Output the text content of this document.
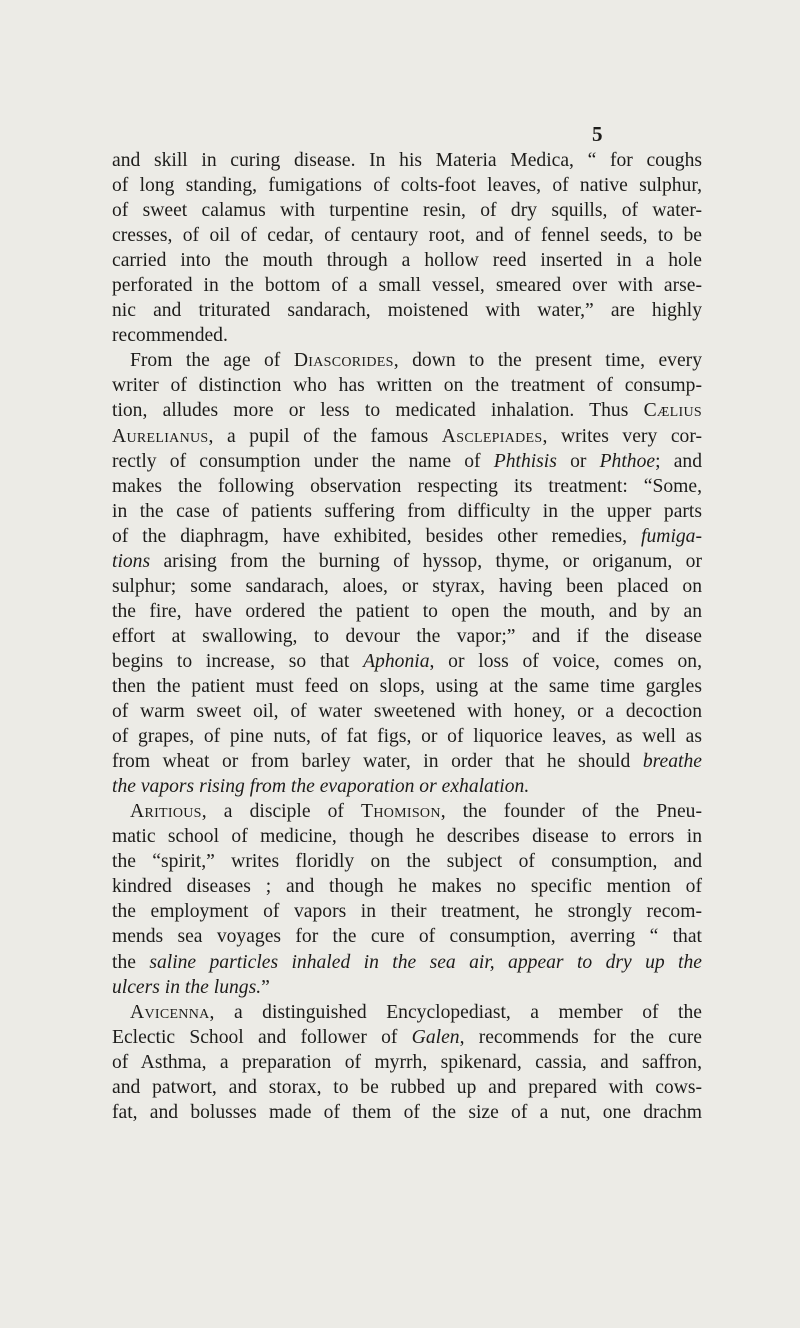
5
and skill in curing disease. In his Materia Medica, “ for coughs
of long standing, fumigations of colts-foot leaves, of native sulphur,
of sweet calamus with turpentine resin, of dry squills, of water-
cresses, of oil of cedar, of centaury root, and of fennel seeds, to be
carried into the mouth through a hollow reed inserted in a hole
perforated in the bottom of a small vessel, smeared over with arse-
nic and triturated sandarach, moistened with water,” are highly
recommended.
From the age of Diascorides, down to the present time, every
writer of distinction who has written on the treatment of consump-
tion, alludes more or less to medicated inhalation. Thus Cælius
Aurelianus, a pupil of the famous Asclepiades, writes very cor-
rectly of consumption under the name of Phthisis or Phthoe; and
makes the following observation respecting its treatment: “Some,
in the case of patients suffering from difficulty in the upper parts
of the diaphragm, have exhibited, besides other remedies, fumiga-
tions arising from the burning of hyssop, thyme, or origanum, or
sulphur; some sandarach, aloes, or styrax, having been placed on
the fire, have ordered the patient to open the mouth, and by an
effort at swallowing, to devour the vapor;” and if the disease
begins to increase, so that Aphonia, or loss of voice, comes on,
then the patient must feed on slops, using at the same time gargles
of warm sweet oil, of water sweetened with honey, or a decoction
of grapes, of pine nuts, of fat figs, or of liquorice leaves, as well as
from wheat or from barley water, in order that he should breathe
the vapors rising from the evaporation or exhalation.
Aritious, a disciple of Thomison, the founder of the Pneu-
matic school of medicine, though he describes disease to errors in
the “spirit,” writes floridly on the subject of consumption, and
kindred diseases ; and though he makes no specific mention of
the employment of vapors in their treatment, he strongly recom-
mends sea voyages for the cure of consumption, averring “ that
the saline particles inhaled in the sea air, appear to dry up the
ulcers in the lungs.”
Avicenna, a distinguished Encyclopediast, a member of the
Eclectic School and follower of Galen, recommends for the cure
of Asthma, a preparation of myrrh, spikenard, cassia, and saffron,
and patwort, and storax, to be rubbed up and prepared with cows-
fat, and bolusses made of them of the size of a nut, one drachm
